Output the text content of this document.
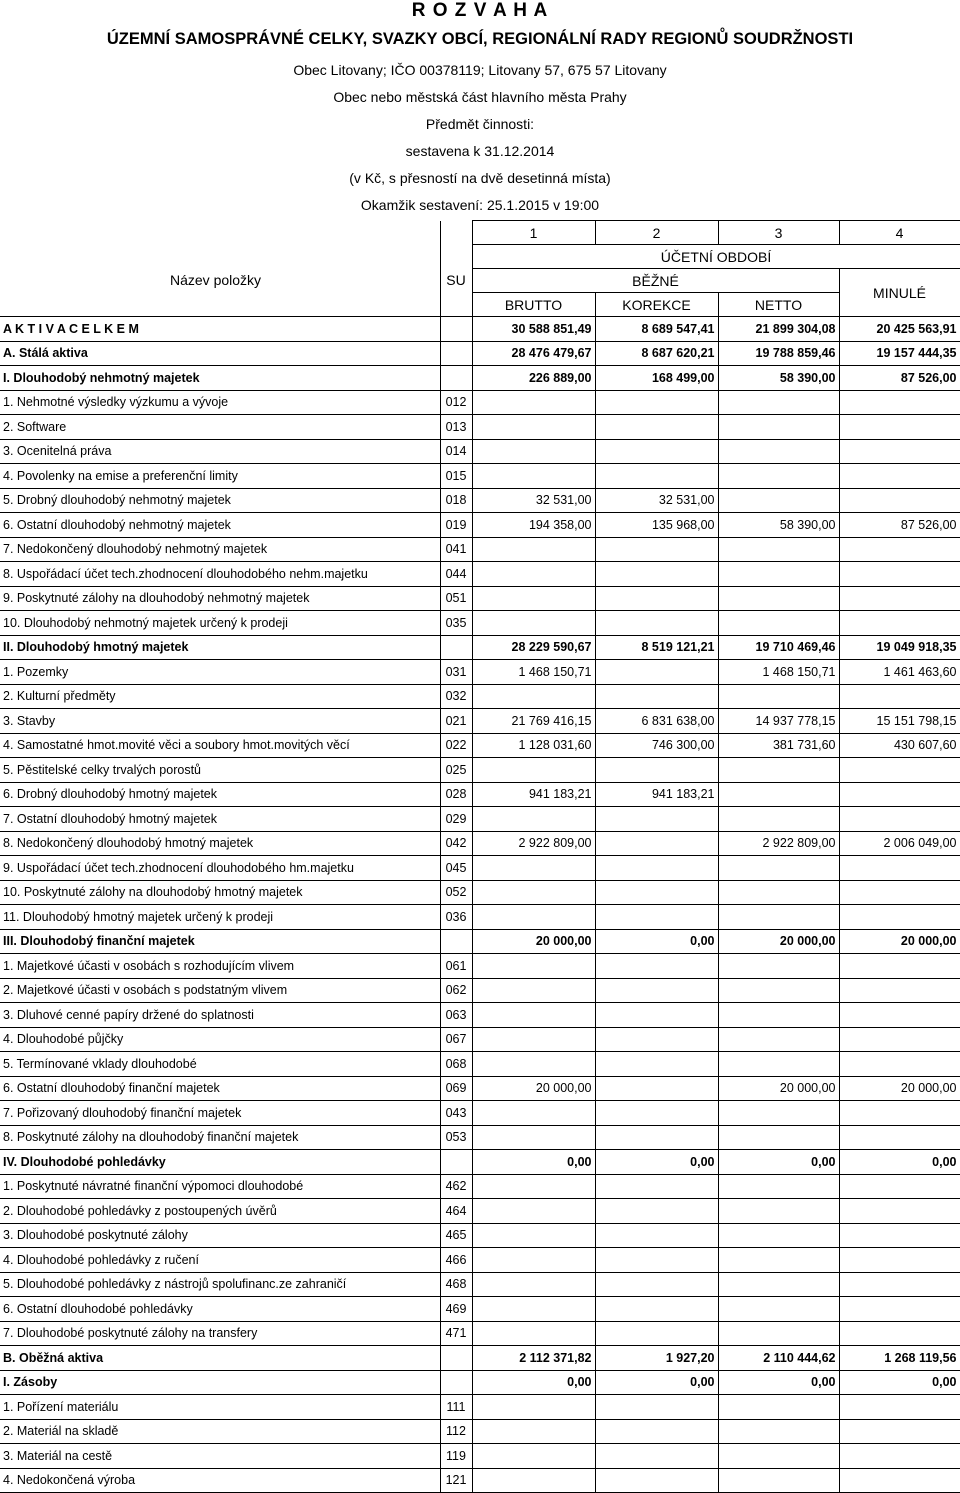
R O Z V A H A
ÚZEMNÍ SAMOSPRÁVNÉ CELKY, SVAZKY OBCÍ, REGIONÁLNÍ RADY REGIONŮ SOUDRŽNOSTI
Obec Litovany; IČO 00378119; Litovany 57, 675 57 Litovany
Obec nebo městská část hlavního města Prahy
Předmět činnosti:
sestavena k 31.12.2014
(v Kč, s přesností na dvě desetinná místa)
Okamžik sestavení: 25.1.2015 v 19:00
		1	2	3	4
Název položky	SU	ÚČETNÍ OBDOBÍ			
		BĚŽNÉ			MINULÉ
		BRUTTO	KOREKCE	NETTO	
A K T I V A C E L K E M		30 588 851,49	8 689 547,41	21 899 304,08	20 425 563,91
A. Stálá aktiva		28 476 479,67	8 687 620,21	19 788 859,46	19 157 444,35
I. Dlouhodobý nehmotný majetek		226 889,00	168 499,00	58 390,00	87 526,00
1. Nehmotné výsledky výzkumu a vývoje	012				
2. Software	013				
3. Ocenitelná práva	014				
4. Povolenky na emise a preferenční limity	015				
5. Drobný dlouhodobý nehmotný majetek	018	32 531,00	32 531,00		
6. Ostatní dlouhodobý nehmotný majetek	019	194 358,00	135 968,00	58 390,00	87 526,00
7. Nedokončený dlouhodobý nehmotný majetek	041				
8. Uspořádací účet tech.zhodnocení dlouhodobého nehm.majetku	044				
9. Poskytnuté zálohy na dlouhodobý nehmotný majetek	051				
10. Dlouhodobý nehmotný majetek určený k prodeji	035				
II. Dlouhodobý hmotný majetek		28 229 590,67	8 519 121,21	19 710 469,46	19 049 918,35
1. Pozemky	031	1 468 150,71		1 468 150,71	1 461 463,60
2. Kulturní předměty	032				
3. Stavby	021	21 769 416,15	6 831 638,00	14 937 778,15	15 151 798,15
4. Samostatné hmot.movité věci a soubory hmot.movitých věcí	022	1 128 031,60	746 300,00	381 731,60	430 607,60
5. Pěstitelské celky trvalých porostů	025				
6. Drobný dlouhodobý hmotný majetek	028	941 183,21	941 183,21		
7. Ostatní dlouhodobý hmotný majetek	029				
8. Nedokončený dlouhodobý hmotný majetek	042	2 922 809,00		2 922 809,00	2 006 049,00
9. Uspořádací účet tech.zhodnocení dlouhodobého hm.majetku	045				
10. Poskytnuté zálohy na dlouhodobý hmotný majetek	052				
11. Dlouhodobý hmotný majetek určený k prodeji	036				
III. Dlouhodobý finanční majetek		20 000,00	0,00	20 000,00	20 000,00
1. Majetkové účasti v osobách s rozhodujícím vlivem	061				
2. Majetkové účasti v osobách s podstatným vlivem	062				
3. Dluhové cenné papíry držené do splatnosti	063				
4. Dlouhodobé půjčky	067				
5. Termínované vklady dlouhodobé	068				
6. Ostatní dlouhodobý finanční majetek	069	20 000,00		20 000,00	20 000,00
7. Pořizovaný dlouhodobý finanční majetek	043				
8. Poskytnuté zálohy na dlouhodobý finanční majetek	053				
IV. Dlouhodobé pohledávky		0,00	0,00	0,00	0,00
1. Poskytnuté návratné finanční výpomoci dlouhodobé	462				
2. Dlouhodobé pohledávky z postoupených úvěrů	464				
3. Dlouhodobé poskytnuté zálohy	465				
4. Dlouhodobé pohledávky z ručení	466				
5. Dlouhodobé pohledávky z nástrojů spolufinanc.ze zahraničí	468				
6. Ostatní dlouhodobé pohledávky	469				
7. Dlouhodobé poskytnuté zálohy na transfery	471				
B. Oběžná aktiva		2 112 371,82	1 927,20	2 110 444,62	1 268 119,56
I. Zásoby		0,00	0,00	0,00	0,00
1. Pořízení materiálu	111				
2. Materiál na skladě	112				
3. Materiál na cestě	119				
4. Nedokončená výroba	121				
